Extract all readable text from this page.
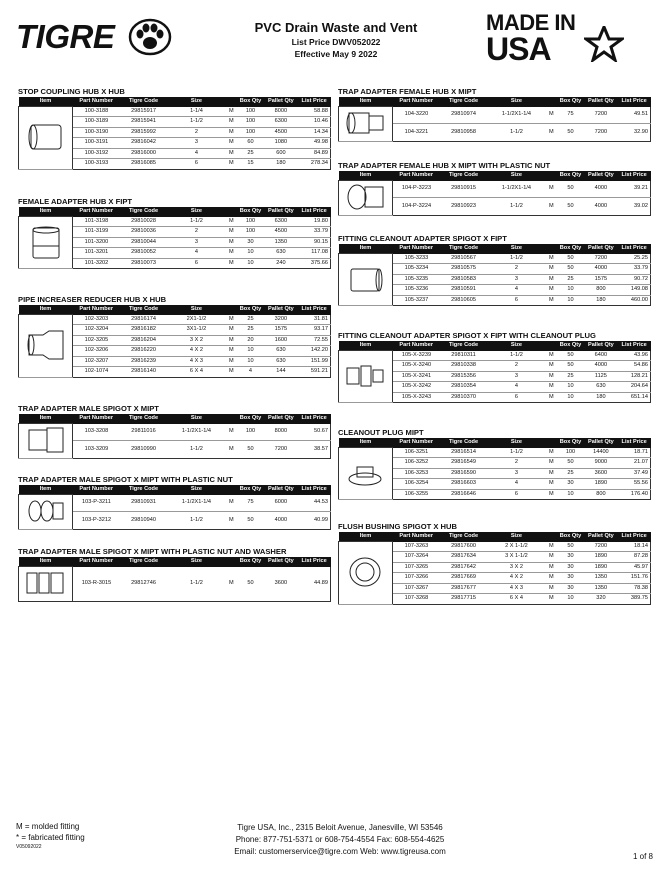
TIGRE	PVC Drain Waste and Vent
List Price DWV052022
Effective May 9 2022
MADE IN
USA
STOP COUPLING HUB X HUB
Item	Part Number	Tigre Code	Size		Box Qty	Pallet Qty	List Price

	100-3188	29815917	1-1/4	M	100	8000	58.88
	100-3189	29815941	1-1/2	M	100	6300	10.46
	100-3190	29815992	2	M	100	4500	14.34
	100-3191	29816042	3	M	60	1080	49.98
	100-3192	29816000	4	M	25	600	84.89
	100-3193	29816085	6	M	15	180	278.34
FEMALE ADAPTER HUB X FIPT
Item	Part Number	Tigre Code	Size		Box Qty	Pallet Qty	List Price

	101-3198	29810028	1-1/2	M	100	6300	19.80
	101-3199	29810036	2	M	100	4500	33.79
	101-3200	29810044	3	M	30	1350	90.15
	101-3201	29810052	4	M	10	630	117.08
	101-3202	29810073	6	M	10	240	375.66
PIPE INCREASER REDUCER HUB X HUB
Item	Part Number	Tigre Code	Size		Box Qty	Pallet Qty	List Price

	102-3203	29816174	2X1-1/2	M	25	3200	31.81
	102-3204	29816182	3X1-1/2	M	25	1575	93.17
	102-3205	29816204	3 X 2	M	20	1600	72.55
	102-3206	29816220	4 X 2	M	10	630	142.20
	102-3207	29816239	4 X 3	M	10	630	151.99
	102-1074	29816140	6 X 4	M	4	144	591.21
TRAP ADAPTER MALE SPIGOT X MIPT
Item	Part Number	Tigre Code	Size		Box Qty	Pallet Qty	List Price

	103-3208	29811016	1-1/2X1-1/4	M	100	8000	50.67
	103-3209	29810990	1-1/2	M	50	7200	38.57
TRAP ADAPTER MALE SPIGOT X MIPT WITH PLASTIC NUT
Item	Part Number	Tigre Code	Size		Box Qty	Pallet Qty	List Price

	103-P-3211	29810931	1-1/2X1-1/4	M	75	6000	44.53
	103-P-3212	29810940	1-1/2	M	50	4000	40.99
TRAP ADAPTER MALE SPIGOT X MIPT WITH PLASTIC NUT AND WASHER
Item	Part Number	Tigre Code	Size		Box Qty	Pallet Qty	List Price

	103-R-3015	29812746	1-1/2	M	50	3600	44.89
TRAP ADAPTER FEMALE HUB X MIPT
Item	Part Number	Tigre Code	Size		Box Qty	Pallet Qty	List Price

	104-3220	29810974	1-1/2X1-1/4	M	75	7200	49.51
	104-3221	29810958	1-1/2	M	50	7200	32.90
TRAP ADAPTER FEMALE HUB X MIPT WITH PLASTIC NUT
Item	Part Number	Tigre Code	Size		Box Qty	Pallet Qty	List Price

	104-P-3223	29810915	1-1/2X1-1/4	M	50	4000	39.21
	104-P-3224	29810923	1-1/2	M	50	4000	39.02
FITTING CLEANOUT ADAPTER SPIGOT X FIPT
Item	Part Number	Tigre Code	Size		Box Qty	Pallet Qty	List Price

	105-3233	29810567	1-1/2	M	50	7200	25.25
	105-3234	29810575	2	M	50	4000	33.79
	105-3235	29810583	3	M	25	1575	90.72
	105-3236	29810591	4	M	10	800	149.08
	105-3237	29810605	6	M	10	180	460.00
FITTING CLEANOUT ADAPTER SPIGOT X FIPT WITH CLEANOUT PLUG
Item	Part Number	Tigre Code	Size		Box Qty	Pallet Qty	List Price

	105-X-3239	29810311	1-1/2	M	50	6400	43.96
	105-X-3240	29810338	2	M	50	4000	54.86
	105-X-3241	29815356	3	M	25	1125	128.21
	105-X-3242	29810354	4	M	10	630	204.64
	105-X-3243	29810370	6	M	10	180	651.14
CLEANOUT PLUG MIPT
Item	Part Number	Tigre Code	Size		Box Qty	Pallet Qty	List Price

	106-3251	29816514	1-1/2	M	100	14400	18.71
	106-3252	29816549	2	M	50	9000	21.07
	106-3253	29816590	3	M	25	3600	37.49
	106-3254	29816603	4	M	30	1890	55.56
	106-3255	29816646	6	M	10	800	176.40
FLUSH BUSHING SPIGOT X HUB
Item	Part Number	Tigre Code	Size		Box Qty	Pallet Qty	List Price

	107-3263	29817600	2 X 1-1/2	M	50	7200	18.14
	107-3264	29817634	3 X 1-1/2	M	30	1890	87.28
	107-3265	29817642	3 X 2	M	30	1890	45.97
	107-3266	29817669	4 X 2	M	30	1350	151.76
	107-3267	29817677	4 X 3	M	30	1350	78.38
	107-3268	29817715	6 X 4	M	10	320	389.75
M = molded fitting
* = fabricated fitting
V05092022
Tigre USA, Inc., 2315 Beloit Avenue, Janesville, WI 53546
Phone: 877-751-5371 or 608-754-4554 Fax: 608-554-4625
Email: customerservice@tigre.com Web: www.tigreusa.com
1 of 8
